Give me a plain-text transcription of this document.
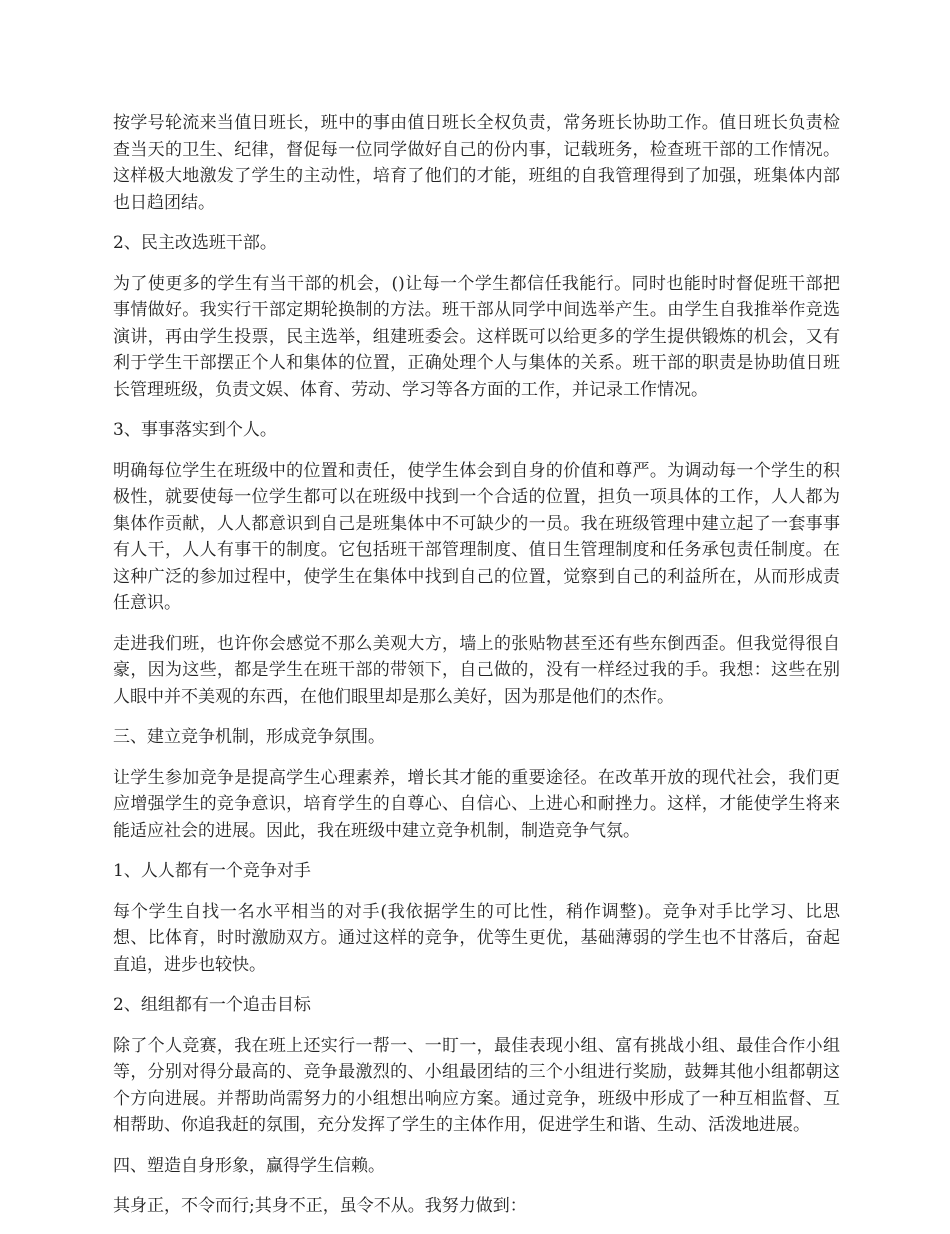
按学号轮流来当值日班长，班中的事由值日班长全权负责，常务班长协助工作。值日班长负责检查当天的卫生、纪律，督促每一位同学做好自己的份内事，记载班务，检查班干部的工作情况。这样极大地激发了学生的主动性，培育了他们的才能，班组的自我管理得到了加强，班集体内部也日趋团结。

2、民主改选班干部。

为了使更多的学生有当干部的机会，()让每一个学生都信任我能行。同时也能时时督促班干部把事情做好。我实行干部定期轮换制的方法。班干部从同学中间选举产生。由学生自我推举作竞选演讲，再由学生投票，民主选举，组建班委会。这样既可以给更多的学生提供锻炼的机会，又有利于学生干部摆正个人和集体的位置，正确处理个人与集体的关系。班干部的职责是协助值日班长管理班级，负责文娱、体育、劳动、学习等各方面的工作，并记录工作情况。

3、事事落实到个人。

明确每位学生在班级中的位置和责任，使学生体会到自身的价值和尊严。为调动每一个学生的积极性，就要使每一位学生都可以在班级中找到一个合适的位置，担负一项具体的工作，人人都为集体作贡献，人人都意识到自己是班集体中不可缺少的一员。我在班级管理中建立起了一套事事有人干，人人有事干的制度。它包括班干部管理制度、值日生管理制度和任务承包责任制度。在这种广泛的参加过程中，使学生在集体中找到自己的位置，觉察到自己的利益所在，从而形成责任意识。

走进我们班，也许你会感觉不那么美观大方，墙上的张贴物甚至还有些东倒西歪。但我觉得很自豪，因为这些，都是学生在班干部的带领下，自己做的，没有一样经过我的手。我想：这些在别人眼中并不美观的东西，在他们眼里却是那么美好，因为那是他们的杰作。

三、建立竞争机制，形成竞争氛围。

让学生参加竞争是提高学生心理素养，增长其才能的重要途径。在改革开放的现代社会，我们更应增强学生的竞争意识，培育学生的自尊心、自信心、上进心和耐挫力。这样，才能使学生将来能适应社会的进展。因此，我在班级中建立竞争机制，制造竞争气氛。

1、人人都有一个竞争对手

每个学生自找一名水平相当的对手(我依据学生的可比性，稍作调整)。竞争对手比学习、比思想、比体育，时时激励双方。通过这样的竞争，优等生更优，基础薄弱的学生也不甘落后，奋起直追，进步也较快。

2、组组都有一个追击目标

除了个人竞赛，我在班上还实行一帮一、一盯一，最佳表现小组、富有挑战小组、最佳合作小组等，分别对得分最高的、竞争最激烈的、小组最团结的三个小组进行奖励，鼓舞其他小组都朝这个方向进展。并帮助尚需努力的小组想出响应方案。通过竞争，班级中形成了一种互相监督、互相帮助、你追我赶的氛围，充分发挥了学生的主体作用，促进学生和谐、生动、活泼地进展。

四、塑造自身形象，赢得学生信赖。

其身正，不令而行;其身不正，虽令不从。我努力做到：
